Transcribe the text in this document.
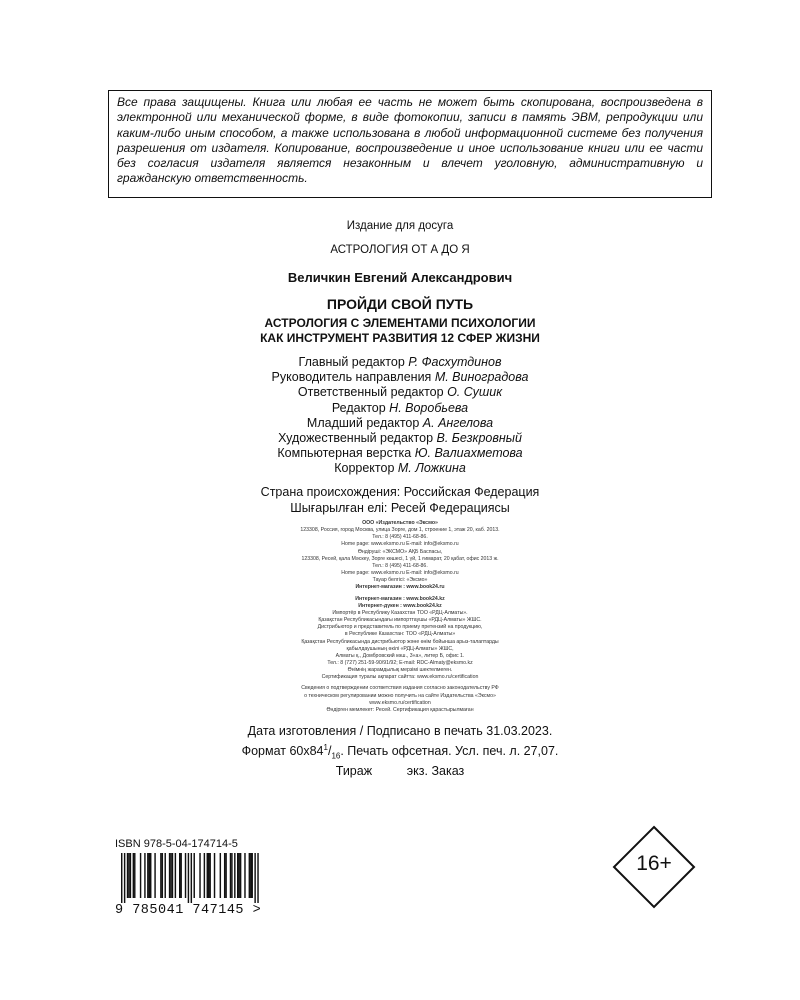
Все права защищены. Книга или любая ее часть не может быть скопирована, воспроизведена в электронной или механической форме, в виде фотокопии, записи в память ЭВМ, репродукции или каким-либо иным способом, а также использована в любой информационной системе без получения разрешения от издателя. Копирование, воспроизведение и иное использование книги или ее части без согласия издателя является незаконным и влечет уголовную, административную и гражданскую ответственность.
Издание для досуга
АСТРОЛОГИЯ ОТ А ДО Я
Величкин Евгений Александрович
ПРОЙДИ СВОЙ ПУТЬ
АСТРОЛОГИЯ С ЭЛЕМЕНТАМИ ПСИХОЛОГИИ
КАК ИНСТРУМЕНТ РАЗВИТИЯ 12 СФЕР ЖИЗНИ
Главный редактор Р. Фасхутдинов
Руководитель направления М. Виноградова
Ответственный редактор О. Сушик
Редактор Н. Воробьева
Младший редактор А. Ангелова
Художественный редактор В. Безкровный
Компьютерная верстка Ю. Валиахметова
Корректор М. Ложкина
Страна происхождения: Российская Федерация
Шығарылған елі: Ресей Федерациясы
ООО «Издательство «Эксмо»
123308, Россия, город Москва, улица Зорге, дом 1, строение 1, этаж 20, каб. 2013.
Тел.: 8 (495) 411-68-86.
Home page: www.eksmo.ru E-mail: info@eksmo.ru
Өндіруші: «ЭКСМО» АҚБ Баспасы,
123308, Ресей, қала Мәскеу, Зорге көшесі, 1 үй, 1 ғимарат, 20 қабат, офис 2013 ж.
Тел.: 8 (495) 411-68-86.
Home page: www.eksmo.ru E-mail: info@eksmo.ru
Тауар белгісі: «Эксмо»
Интернет-магазин : www.book24.ru
Интернет-магазин : www.book24.kz
Интернет-дүкен : www.book24.kz
Импортёр в Республику Казахстан ТОО «РДЦ-Алматы».
Қазақстан Республикасындағы импорттаушы «РДЦ-Алматы» ЖШС.
Дистрибьютор и представитель по приему претензий на продукцию,
в Республике Казахстан: ТОО «РДЦ-Алматы»
Қазақстан Республикасында дистрибьютор және өнім бойынша арыз-талаптарды
қабылдаушының өкілі «РДЦ-Алматы» ЖШС,
Алматы қ., Домбровский көш., 3«а», литер Б, офис 1.
Тел.: 8 (727) 251-59-90/91/92; E-mail: RDC-Almaty@eksmo.kz
Өнімнің жарамдылық мерзімі шектелмеген.
Сертификация туралы ақпарат сайтта: www.eksmo.ru/certification
Сведения о подтверждении соответствия издания согласно законодательству РФ
о техническом регулировании можно получить на сайте Издательства «Эксмо»
www.eksmo.ru/certification
Өндірген мемлекет: Ресей. Сертификация қарастырылмаған
Дата изготовления / Подписано в печать 31.03.2023.
Формат $60x84^1/_{16}$. Печать офсетная. Усл. печ. л. 27,07.
Тираж          экз. Заказ
ISBN 978-5-04-174714-5
9 785041 747145 >
16+
